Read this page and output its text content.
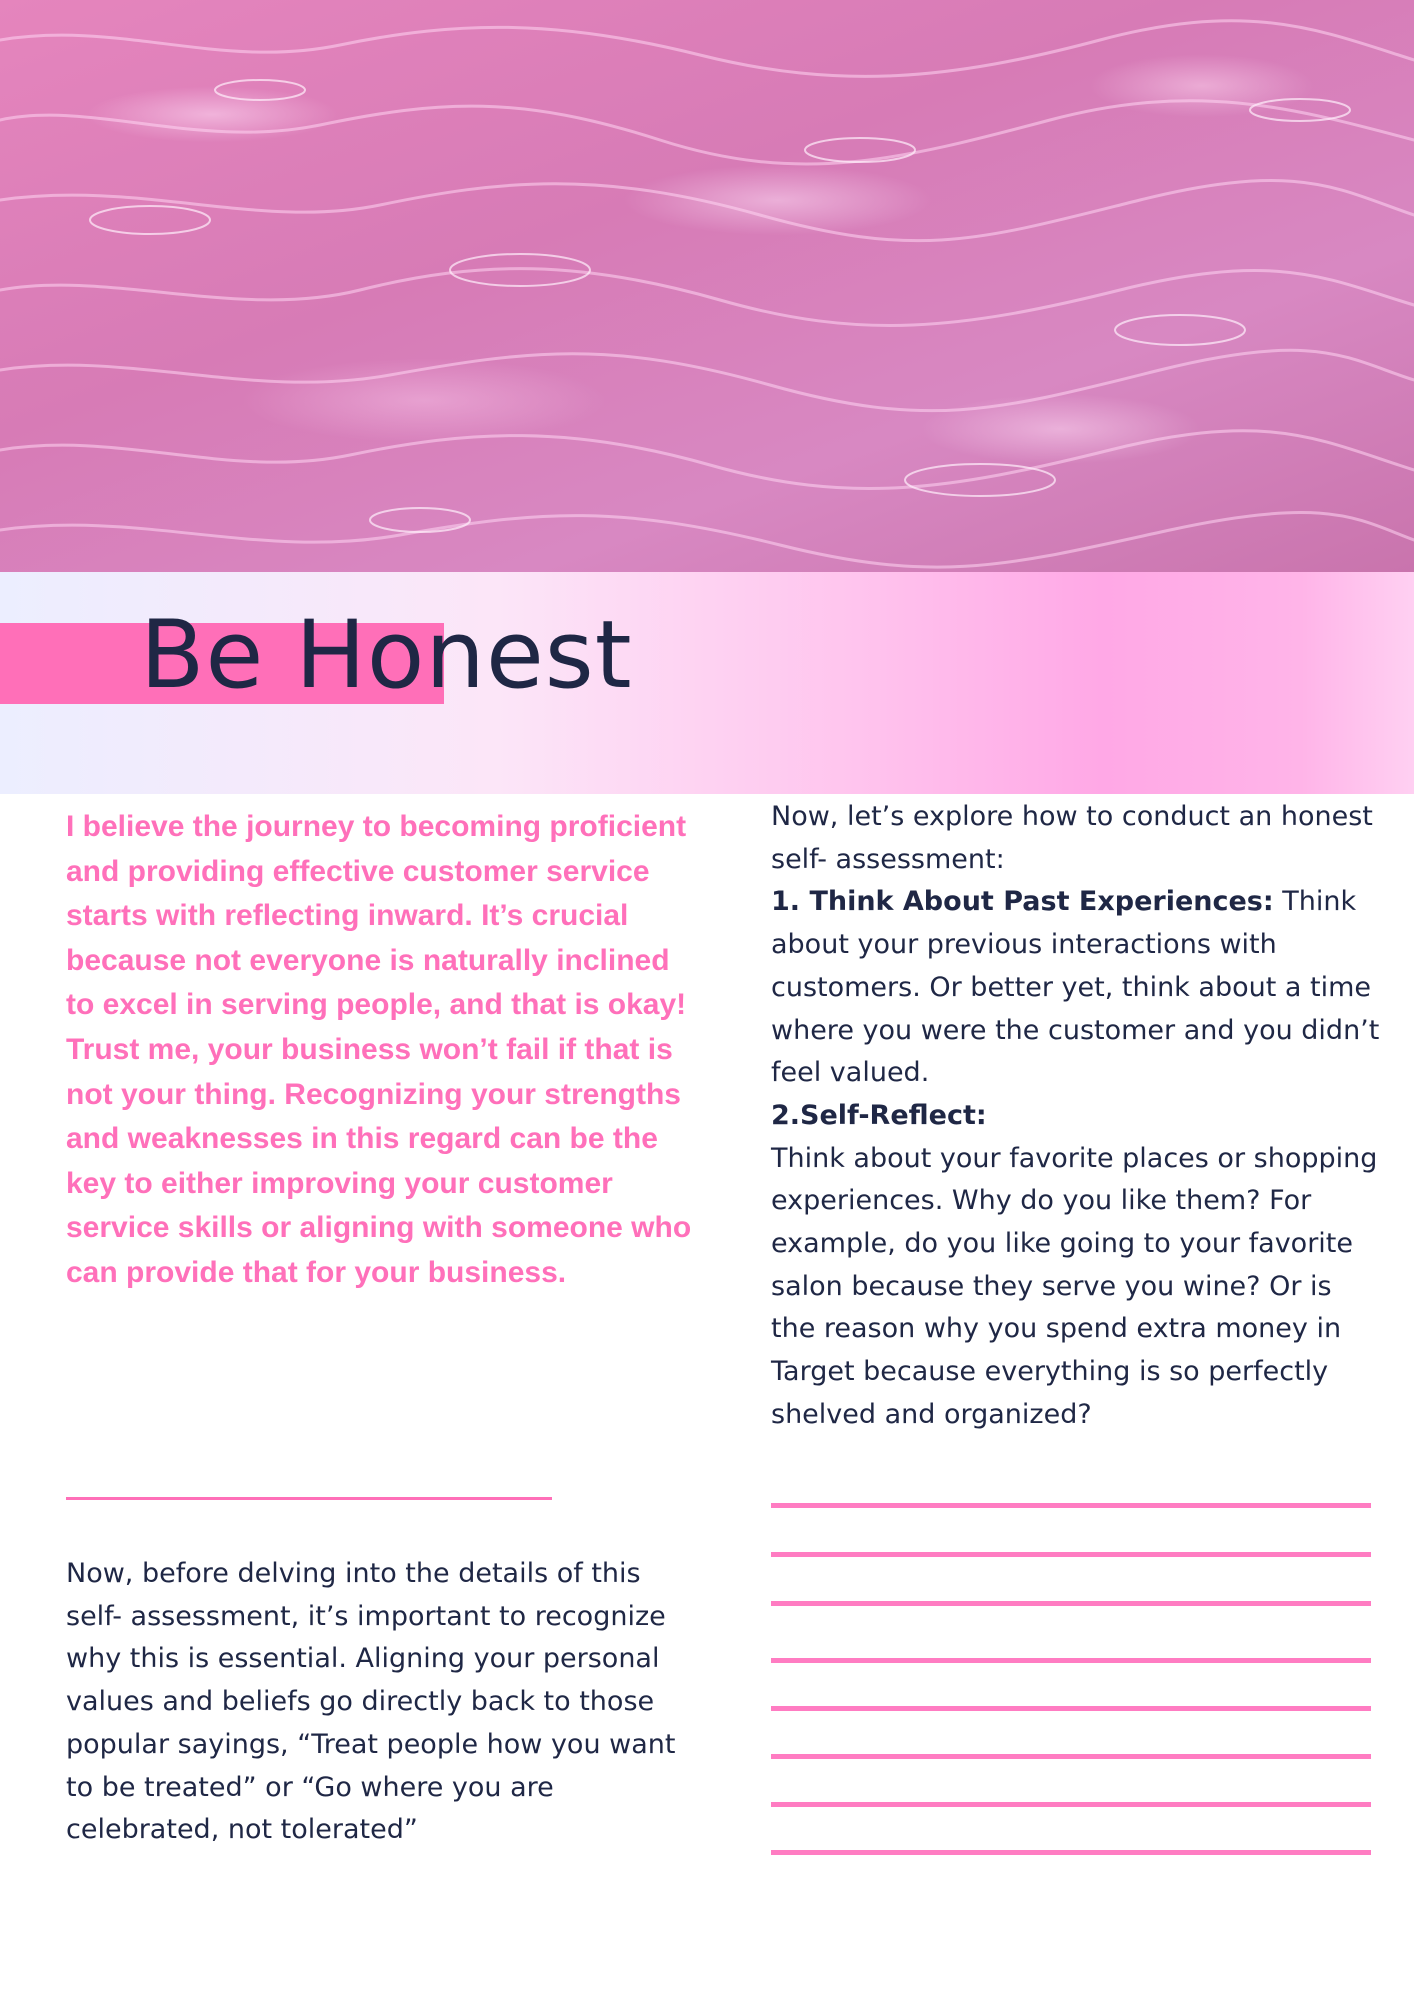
Be Honest

I believe the journey to becoming proficient and providing effective customer service starts with reflecting inward. It’s crucial because not everyone is naturally inclined to excel in serving people, and that is okay! Trust me, your business won’t fail if that is not your thing. Recognizing your strengths and weaknesses in this regard can be the key to either improving your customer service skills or aligning with someone who can provide that for your business.

Now, before delving into the details of this self- assessment, it’s important to recognize why this is essential. Aligning your personal values and beliefs go directly back to those popular sayings, “Treat people how you want to be treated” or “Go where you are celebrated, not tolerated”

Now, let’s explore how to conduct an honest self- assessment:

1. Think About Past Experiences: Think about your previous interactions with customers. Or better yet, think about a time where you were the customer and you didn’t feel valued.

2.Self-Reflect:

Think about your favorite places or shopping experiences. Why do you like them? For example, do you like going to your favorite salon because they serve you wine? Or is the reason why you spend extra money in Target because everything is so perfectly shelved and organized?
